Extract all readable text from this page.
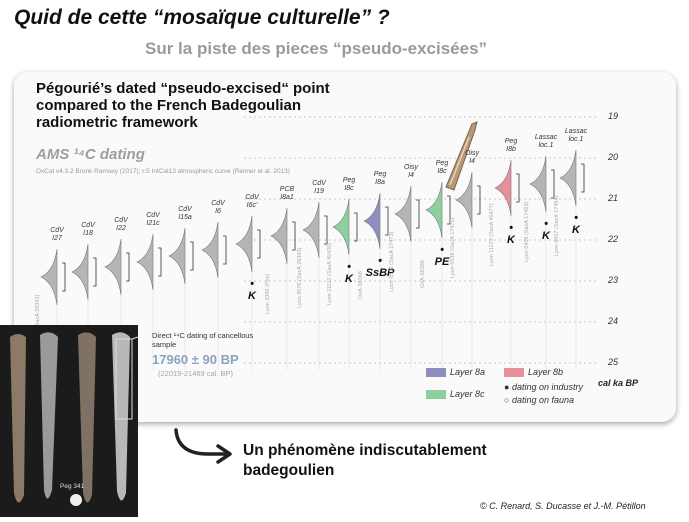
Quid de cette “mosaïque culturelle” ?
Sur la piste des pieces “pseudo-excisées”
Pégourié’s dated “pseudo-excised“ point compared to the French Badegoulian radiometric framework
AMS ¹⁴C dating
OxCal v4.3.2 Bronk Ramsey (2017); r:5 IntCal13 atmospheric curve (Reimer et al. 2013)
19
20
21
22
23
24
25
cal ka BP
CdV
I27
CdV
I18
CdV
I22
CdV
I21c
CdV
I15a
CdV
I6
CdV
I6c'
•
K
PCB
I8a1
Lyon 3366 (Poz)
CdV
I19
Lyon 9576 (SacA 28343)
Peg
I8c
•
K
Lyon 11112 (SacA 45420)
Peg
I8a
•
SsBP
OxA-36368
Oisy
I4
Lyon 6536 (SacA 17473)
Peg
I8c
•
PE
OxA-36366
Oisy
I4
Lyon 6538 (SacA 17475)
Peg
I8b
•
K
Lyon 11123 (SacA 45477)
Lassac
loc.1
•
K
Lyon 6418 (SacA 17493)
Lassac
loc.1
•
K
Lyon 6417 (SacA 17494)
Layer 8a	Layer 8b
Layer 8c
● dating on industry
○ dating on fauna
Peg 341
Direct ¹⁴C dating of cancellous sample
17960 ± 90 BP
(22019-21469 cal. BP)
Un phénomène indiscutablement badegoulien
© C. Renard, S. Ducasse et J.-M. Pétillon
